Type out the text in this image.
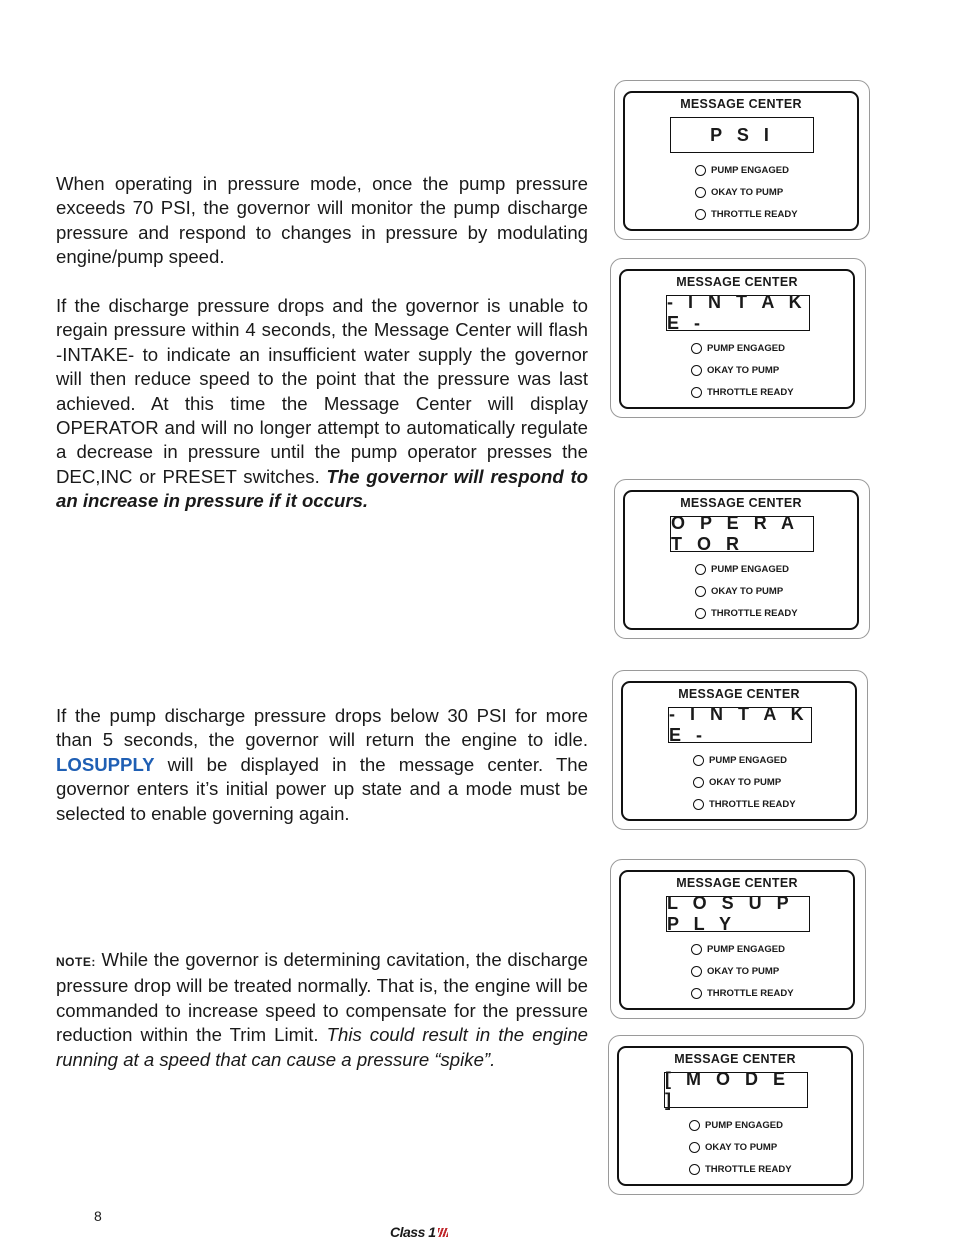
When operating in pressure mode, once the pump pressure exceeds 70 PSI, the governor will monitor the pump discharge pressure and respond to changes in pressure by modulating engine/pump speed.

If the discharge pressure drops and the governor is unable to regain pressure within 4 seconds, the Message Center will flash -INTAKE- to indicate an insufficient water supply the governor will then reduce speed to the point that the pressure was last achieved. At this time the Message Center will display OPERATOR and will no longer attempt to automatically regulate a decrease in pressure until the pump operator presses the DEC,INC or PRESET switches. The governor will respond to an increase in pressure if it occurs.

If the pump discharge pressure drops below 30 PSI for more than 5 seconds, the governor will return the engine to idle. LOSUPPLY will be displayed in the message center. The governor enters it’s initial power up state and a mode must be selected to enable governing again.

NOTE: While the governor is determining cavitation, the discharge pressure drop will be treated normally. That is, the engine will be commanded to increase speed to compensate for the pressure reduction within the Trim Limit. This could result in the engine running at a speed that can cause a pressure “spike”.

MESSAGE CENTER
P S I
PUMP ENGAGED
OKAY TO PUMP
THROTTLE READY
MESSAGE CENTER
- I N T A K E -
PUMP ENGAGED
OKAY TO PUMP
THROTTLE READY
MESSAGE CENTER
O P E R A T O R
PUMP ENGAGED
OKAY TO PUMP
THROTTLE READY
MESSAGE CENTER
- I N T A K E -
PUMP ENGAGED
OKAY TO PUMP
THROTTLE READY
MESSAGE CENTER
L O S U P P L Y
PUMP ENGAGED
OKAY TO PUMP
THROTTLE READY
MESSAGE CENTER
[ M O D E ]
PUMP ENGAGED
OKAY TO PUMP
THROTTLE READY
8
Class 1
